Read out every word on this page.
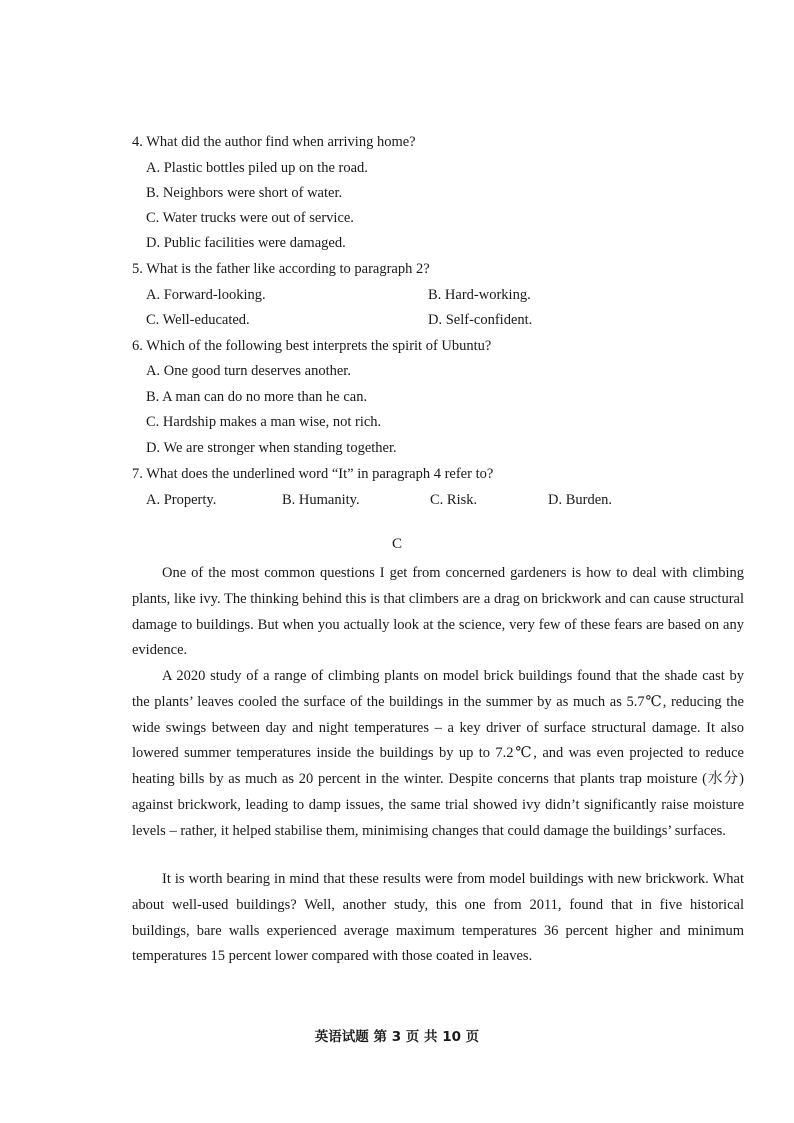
4. What did the author find when arriving home?
A. Plastic bottles piled up on the road.
B. Neighbors were short of water.
C. Water trucks were out of service.
D. Public facilities were damaged.
5. What is the father like according to paragraph 2?
A. Forward-looking.	B. Hard-working.
C. Well-educated.	D. Self-confident.
6. Which of the following best interprets the spirit of Ubuntu?
A. One good turn deserves another.
B. A man can do no more than he can.
C. Hardship makes a man wise, not rich.
D. We are stronger when standing together.
7. What does the underlined word “It” in paragraph 4 refer to?
A. Property.	B. Humanity.	C. Risk.	D. Burden.
C

One of the most common questions I get from concerned gardeners is how to deal with climbing plants, like ivy. The thinking behind this is that climbers are a drag on brickwork and can cause structural damage to buildings. But when you actually look at the science, very few of these fears are based on any evidence.

A 2020 study of a range of climbing plants on model brick buildings found that the shade cast by the plants’ leaves cooled the surface of the buildings in the summer by as much as 5.7℃, reducing the wide swings between day and night temperatures – a key driver of surface structural damage. It also lowered summer temperatures inside the buildings by up to 7.2℃, and was even projected to reduce heating bills by as much as 20 percent in the winter. Despite concerns that plants trap moisture (水分) against brickwork, leading to damp issues, the same trial showed ivy didn’t significantly raise moisture levels – rather, it helped stabilise them, minimising changes that could damage the buildings’ surfaces.

It is worth bearing in mind that these results were from model buildings with new brickwork. What about well-used buildings? Well, another study, this one from 2011, found that in five historical buildings, bare walls experienced average maximum temperatures 36 percent higher and minimum temperatures 15 percent lower compared with those coated in leaves.

英语试题 第 3 页 共 10 页
